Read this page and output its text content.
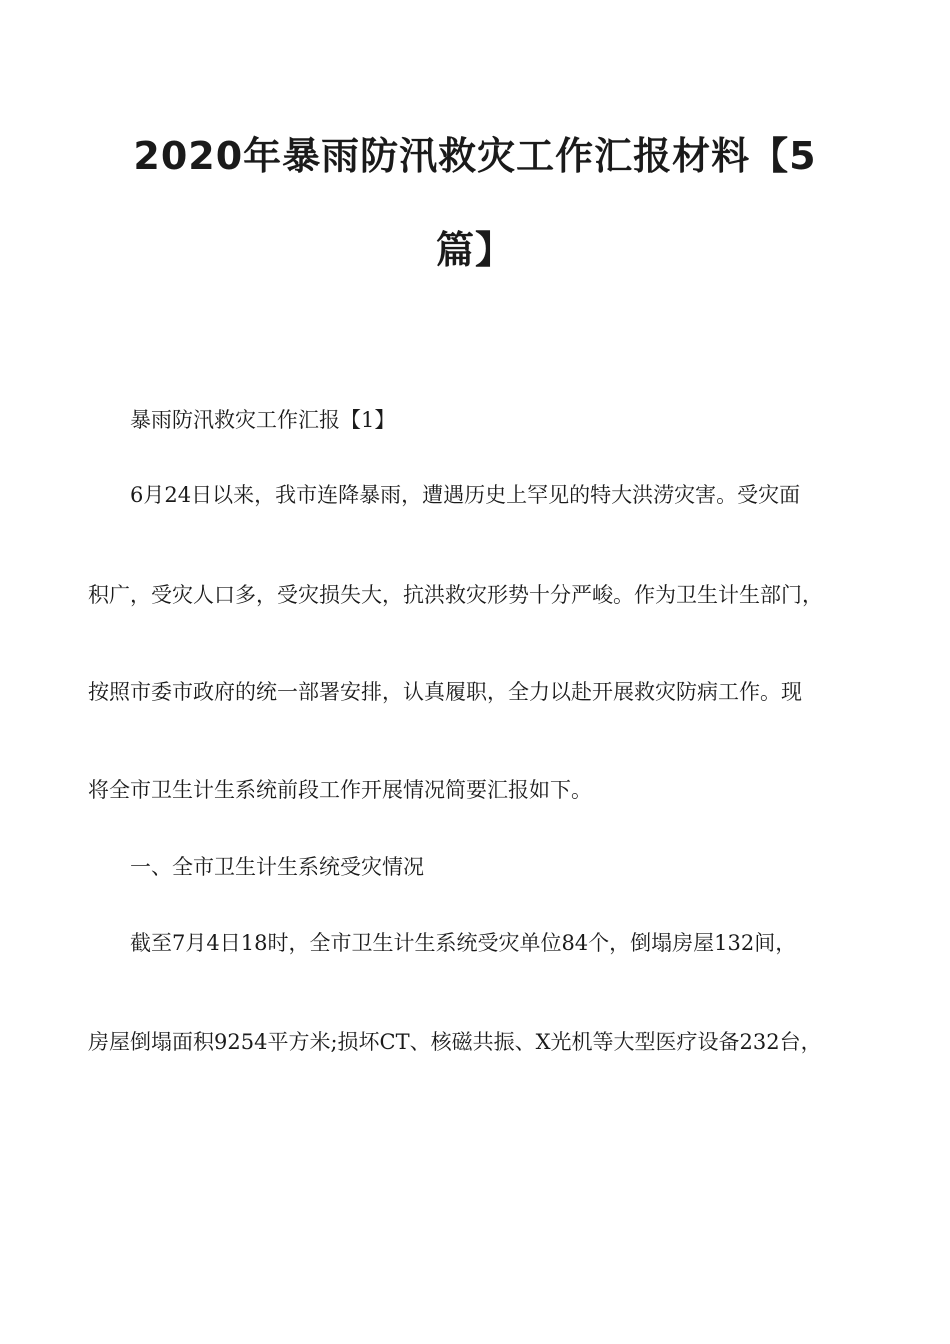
2020年暴雨防汛救灾工作汇报材料【5
篇】
暴雨防汛救灾工作汇报【1】
6月24日以来，我市连降暴雨，遭遇历史上罕见的特大洪涝灾害。受灾面
积广，受灾人口多，受灾损失大，抗洪救灾形势十分严峻。作为卫生计生部门，
按照市委市政府的统一部署安排，认真履职，全力以赴开展救灾防病工作。现
将全市卫生计生系统前段工作开展情况简要汇报如下。
一、全市卫生计生系统受灾情况
截至7月4日18时，全市卫生计生系统受灾单位84个，倒塌房屋132间，
房屋倒塌面积9254平方米;损坏CT、核磁共振、X光机等大型医疗设备232台，
